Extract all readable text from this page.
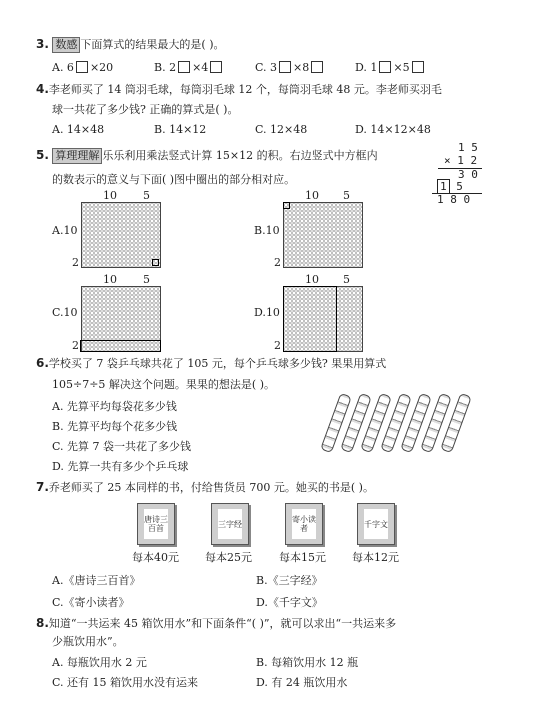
3. 数感 下面算式的结果最大的是( )。
A. 6 ×20	B. 2 ×4	C. 3 ×8	D. 1 ×5
4.李老师买了 14 筒羽毛球，每筒羽毛球 12 个，每筒羽毛球 48 元。李老师买羽毛
球一共花了多少钱? 正确的算式是( )。
A. 14×48	B. 14×12	C. 12×48	D. 14×12×48
5. 算理理解 乐乐利用乘法竖式计算 15×12 的积。右边竖式中方框内
的数表示的意义与下面( )图中圈出的部分相对应。
1 5
× 1 2
3 0
1 5
1 8 0
10 5
A.10
2
10 5
B.10
2
10 5
C.10
2
10 5
D.10
2
6.学校买了 7 袋乒乓球共花了 105 元，每个乒乓球多少钱? 果果用算式
105÷7÷5 解决这个问题。果果的想法是( )。
A. 先算平均每袋花多少钱
B. 先算平均每个花多少钱
C. 先算 7 袋一共花了多少钱
D. 先算一共有多少个乒乓球
7.乔老师买了 25 本同样的书，付给售货员 700 元。她买的书是( )。
唐诗三百首	三字经	寄小读者	千字文
每本40元 每本25元 每本15元 每本12元
A.《唐诗三百首》	B.《三字经》
C.《寄小读者》	D.《千字文》
8.知道“一共运来 45 箱饮用水”和下面条件“( )”，就可以求出“一共运来多
少瓶饮用水”。
A. 每瓶饮用水 2 元	B. 每箱饮用水 12 瓶
C. 还有 15 箱饮用水没有运来	D. 有 24 瓶饮用水
